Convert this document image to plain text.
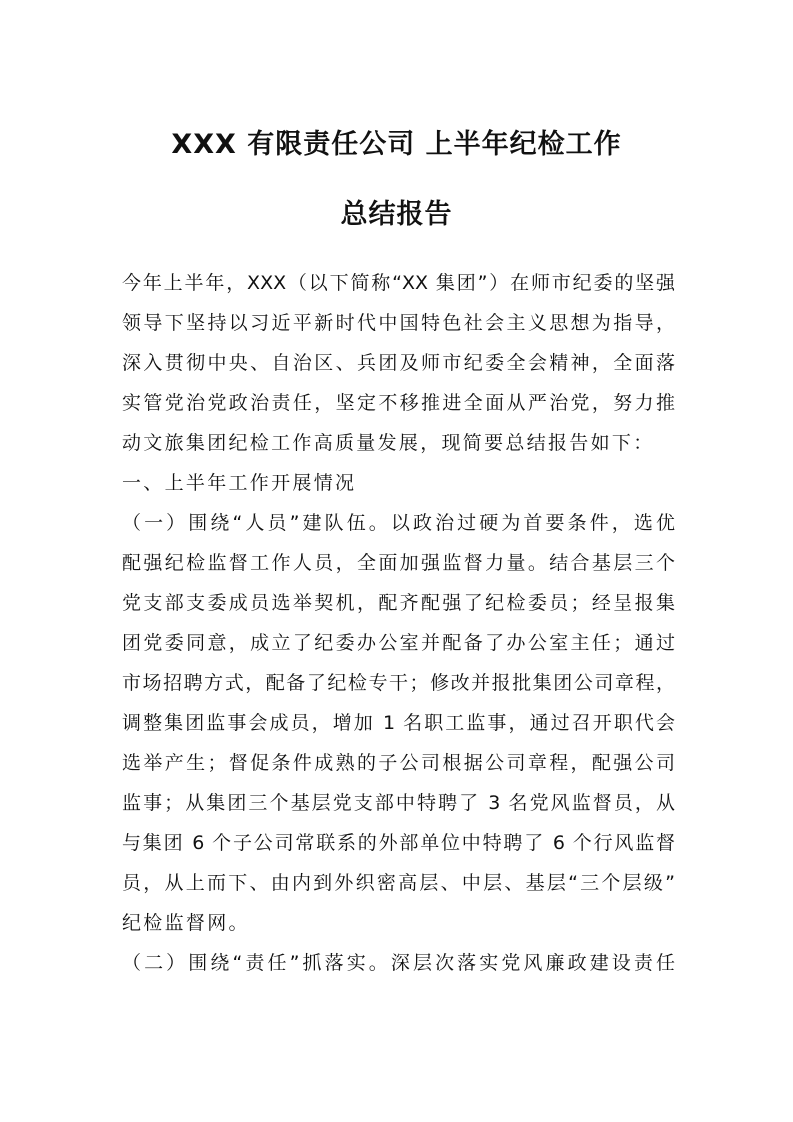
XXX 有限责任公司 上半年纪检工作
总结报告
今年上半年，XXX（以下简称“XX 集团”）在师市纪委的坚强
领导下坚持以习近平新时代中国特色社会主义思想为指导，
深入贯彻中央、自治区、兵团及师市纪委全会精神，全面落
实管党治党政治责任，坚定不移推进全面从严治党，努力推
动文旅集团纪检工作高质量发展，现简要总结报告如下：
一、上半年工作开展情况
（一）围绕“人员”建队伍。以政治过硬为首要条件，选优
配强纪检监督工作人员，全面加强监督力量。结合基层三个
党支部支委成员选举契机，配齐配强了纪检委员；经呈报集
团党委同意，成立了纪委办公室并配备了办公室主任；通过
市场招聘方式，配备了纪检专干；修改并报批集团公司章程，
调整集团监事会成员，增加 1 名职工监事，通过召开职代会
选举产生；督促条件成熟的子公司根据公司章程，配强公司
监事；从集团三个基层党支部中特聘了 3 名党风监督员，从
与集团 6 个子公司常联系的外部单位中特聘了 6 个行风监督
员，从上而下、由内到外织密高层、中层、基层“三个层级”
纪检监督网。
（二）围绕“责任”抓落实。深层次落实党风廉政建设责任
